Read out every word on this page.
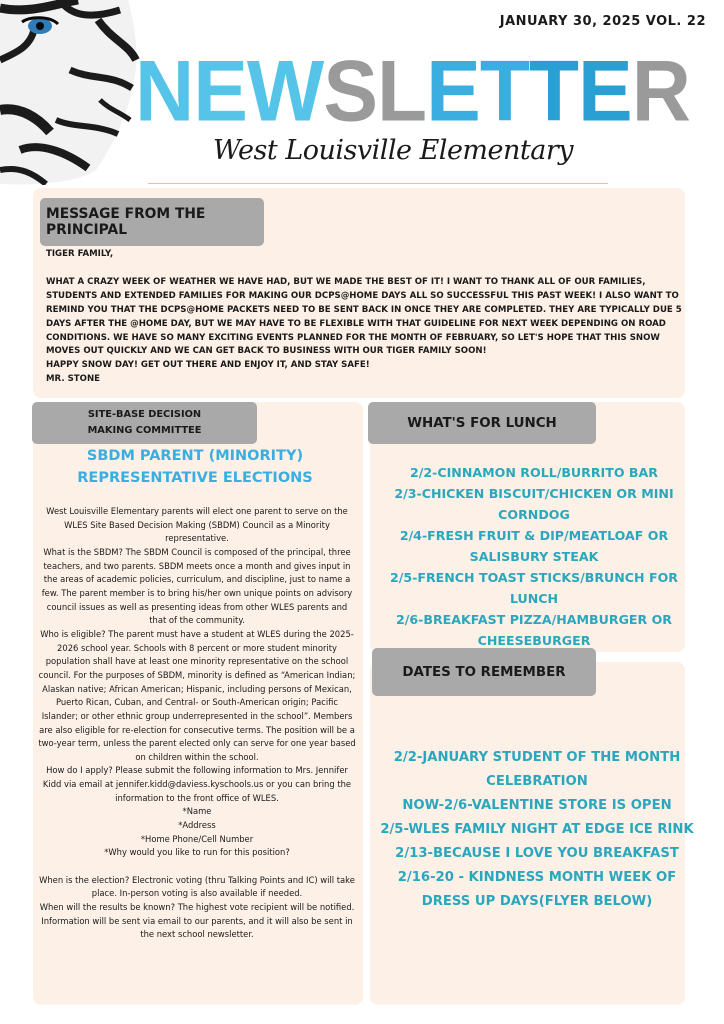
JANUARY 30, 2025 VOL. 22
N E W S L E T T E R
West Louisville Elementary
MESSAGE FROM THE PRINCIPAL

TIGER FAMILY,

WHAT A CRAZY WEEK OF WEATHER WE HAVE HAD, BUT WE MADE THE BEST OF IT! I WANT TO THANK ALL OF OUR FAMILIES, STUDENTS AND EXTENDED FAMILIES FOR MAKING OUR DCPS@HOME DAYS ALL SO SUCCESSFUL THIS PAST WEEK! I ALSO WANT TO REMIND YOU THAT THE DCPS@HOME PACKETS NEED TO BE SENT BACK IN ONCE THEY ARE COMPLETED. THEY ARE TYPICALLY DUE 5 DAYS AFTER THE @HOME DAY, BUT WE MAY HAVE TO BE FLEXIBLE WITH THAT GUIDELINE FOR NEXT WEEK DEPENDING ON ROAD CONDITIONS. WE HAVE SO MANY EXCITING EVENTS PLANNED FOR THE MONTH OF FEBRUARY, SO LET'S HOPE THAT THIS SNOW MOVES OUT QUICKLY AND WE CAN GET BACK TO BUSINESS WITH OUR TIGER FAMILY SOON!

HAPPY SNOW DAY! GET OUT THERE AND ENJOY IT, AND STAY SAFE!

MR. STONE

SITE-BASE DECISION MAKING COMMITTEE
SBDM PARENT (MINORITY) REPRESENTATIVE ELECTIONS

West Louisville Elementary parents will elect one parent to serve on the WLES Site Based Decision Making (SBDM) Council as a Minority representative.

What is the SBDM? The SBDM Council is composed of the principal, three teachers, and two parents. SBDM meets once a month and gives input in the areas of academic policies, curriculum, and discipline, just to name a few. The parent member is to bring his/her own unique points on advisory council issues as well as presenting ideas from other WLES parents and that of the community.

Who is eligible? The parent must have a student at WLES during the 2025-2026 school year. Schools with 8 percent or more student minority population shall have at least one minority representative on the school council. For the purposes of SBDM, minority is defined as “American Indian; Alaskan native; African American; Hispanic, including persons of Mexican, Puerto Rican, Cuban, and Central- or South-American origin; Pacific Islander; or other ethnic group underrepresented in the school”. Members are also eligible for re-election for consecutive terms. The position will be a two-year term, unless the parent elected only can serve for one year based on children within the school.

How do I apply? Please submit the following information to Mrs. Jennifer Kidd via email at jennifer.kidd@daviess.kyschools.us or you can bring the information to the front office of WLES.

*Name

*Address

*Home Phone/Cell Number

*Why would you like to run for this position?

When is the election? Electronic voting (thru Talking Points and IC) will take place. In-person voting is also available if needed.

When will the results be known? The highest vote recipient will be notified. Information will be sent via email to our parents, and it will also be sent in the next school newsletter.

WHAT'S FOR LUNCH

2/2-CINNAMON ROLL/BURRITO BAR

2/3-CHICKEN BISCUIT/CHICKEN OR MINI CORNDOG

2/4-FRESH FRUIT & DIP/MEATLOAF OR SALISBURY STEAK

2/5-FRENCH TOAST STICKS/BRUNCH FOR LUNCH

2/6-BREAKFAST PIZZA/HAMBURGER OR CHEESEBURGER

DATES TO REMEMBER

2/2-JANUARY STUDENT OF THE MONTH CELEBRATION

NOW-2/6-VALENTINE STORE IS OPEN

2/5-WLES FAMILY NIGHT AT EDGE ICE RINK

2/13-BECAUSE I LOVE YOU BREAKFAST

2/16-20 - KINDNESS MONTH WEEK OF DRESS UP DAYS(FLYER BELOW)
